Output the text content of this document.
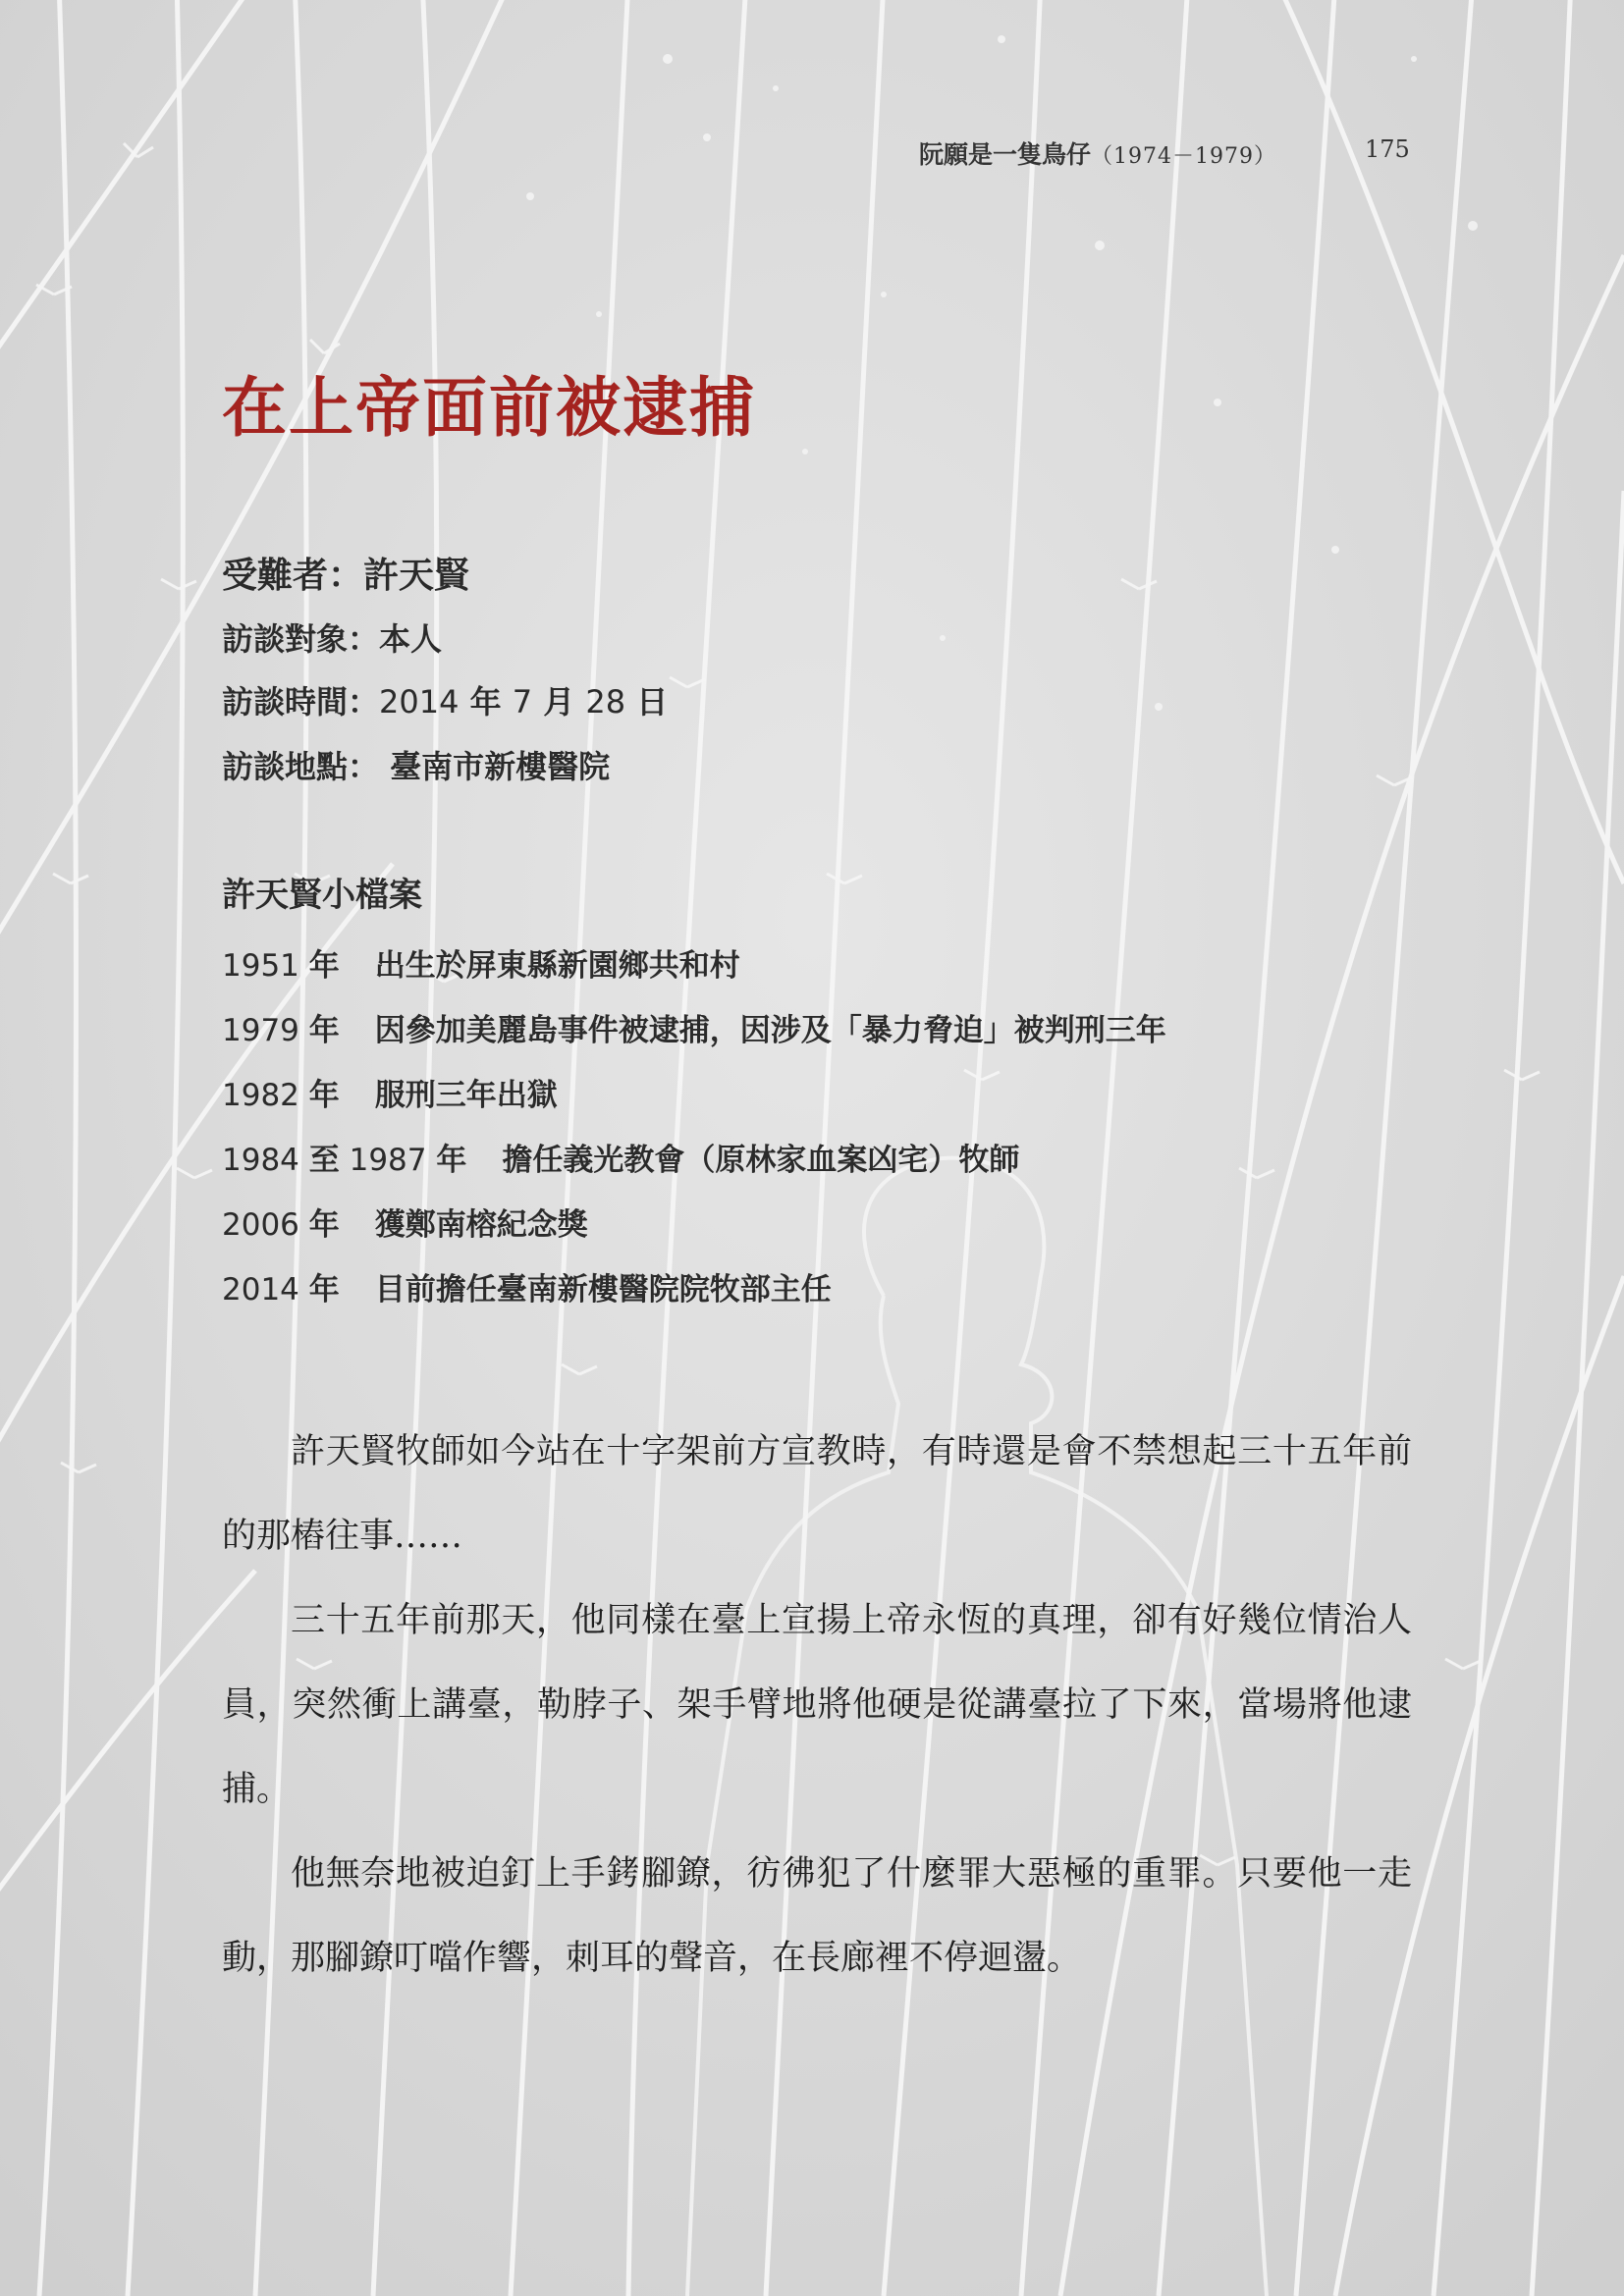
阮願是一隻鳥仔（1974－1979）	175
在上帝面前被逮捕
受難者：許天賢
訪談對象：本人
訪談時間：2014 年 7 月 28 日
訪談地點： 臺南市新樓醫院
許天賢小檔案
1951 年 出生於屏東縣新園鄉共和村
1979 年 因參加美麗島事件被逮捕，因涉及「暴力脅迫」被判刑三年
1982 年 服刑三年出獄
1984 至 1987 年 擔任義光教會（原林家血案凶宅）牧師
2006 年 獲鄭南榕紀念獎
2014 年 目前擔任臺南新樓醫院院牧部主任

許天賢牧師如今站在十字架前方宣教時，有時還是會不禁想起三十五年前的那樁往事……

三十五年前那天，他同樣在臺上宣揚上帝永恆的真理，卻有好幾位情治人員，突然衝上講臺，勒脖子、架手臂地將他硬是從講臺拉了下來，當場將他逮捕。

他無奈地被迫釘上手銬腳鐐，彷彿犯了什麼罪大惡極的重罪。只要他一走動，那腳鐐叮噹作響，刺耳的聲音，在長廊裡不停迴盪。
